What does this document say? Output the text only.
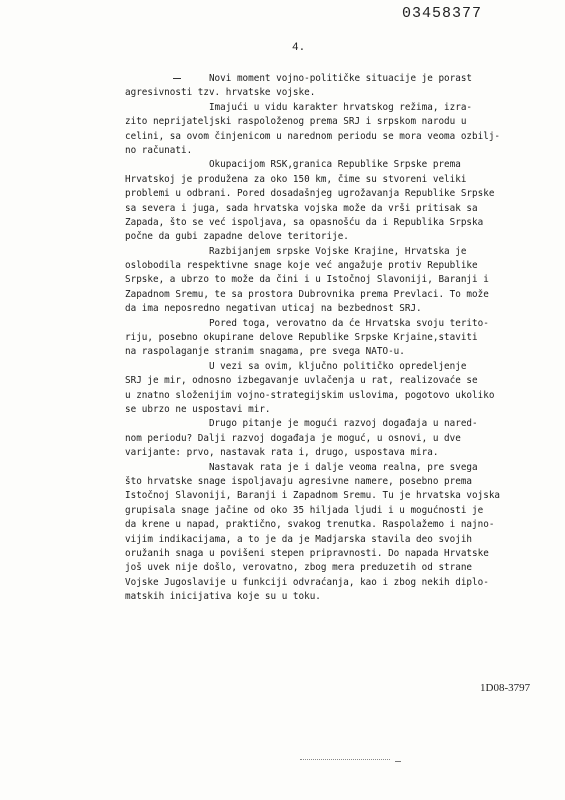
03458377
4.
Novi moment vojno-političke situacije je porast
agresivnosti tzv. hrvatske vojske.
Imajući u vidu karakter hrvatskog režima, izra-
zito neprijateljski raspoloženog prema SRJ i srpskom narodu u
celini, sa ovom činjenicom u narednom periodu se mora veoma ozbilj-
no računati.
Okupacijom RSK,granica Republike Srpske prema
Hrvatskoj je produžena za oko 150 km, čime su stvoreni veliki
problemi u odbrani. Pored dosadašnjeg ugrožavanja Republike Srpske
sa severa i juga, sada hrvatska vojska može da vrši pritisak sa
Zapada, što se već ispoljava, sa opasnošću da i Republika Srpska
počne da gubi zapadne delove teritorije.
Razbijanjem srpske Vojske Krajine, Hrvatska je
oslobodila respektivne snage koje već angažuje protiv Republike
Srpske, a ubrzo to može da čini i u Istočnoj Slavoniji, Baranji i
Zapadnom Sremu, te sa prostora Dubrovnika prema Prevlaci. To može
da ima neposredno negativan uticaj na bezbednost SRJ.
Pored toga, verovatno da će Hrvatska svoju terito-
riju, posebno okupirane delove Republike Srpske Krjaine,staviti
na raspolaganje stranim snagama, pre svega NATO-u.
U vezi sa ovim, ključno političko opredeljenje
SRJ je mir, odnosno izbegavanje uvlačenja u rat, realizovaće se
u znatno složenijim vojno-strategijskim uslovima, pogotovo ukoliko
se ubrzo ne uspostavi mir.
Drugo pitanje je mogući razvoj događaja u nared-
nom periodu? Dalji razvoj događaja je moguć, u osnovi, u dve
varijante: prvo, nastavak rata i, drugo, uspostava mira.
Nastavak rata je i dalje veoma realna, pre svega
što hrvatske snage ispoljavaju agresivne namere, posebno prema
Istočnoj Slavoniji, Baranji i Zapadnom Sremu. Tu je hrvatska vojska
grupisala snage jačine od oko 35 hiljada ljudi i u mogućnosti je
da krene u napad, praktično, svakog trenutka. Raspolažemo i najno-
vijim indikacijama, a to je da je Madjarska stavila deo svojih
oružanih snaga u povišeni stepen pripravnosti. Do napada Hrvatske
još uvek nije došlo, verovatno, zbog mera preduzetih od strane
Vojske Jugoslavije u funkciji odvraćanja, kao i zbog nekih diplo-
matskih inicijativa koje su u toku.
1D08-3797
